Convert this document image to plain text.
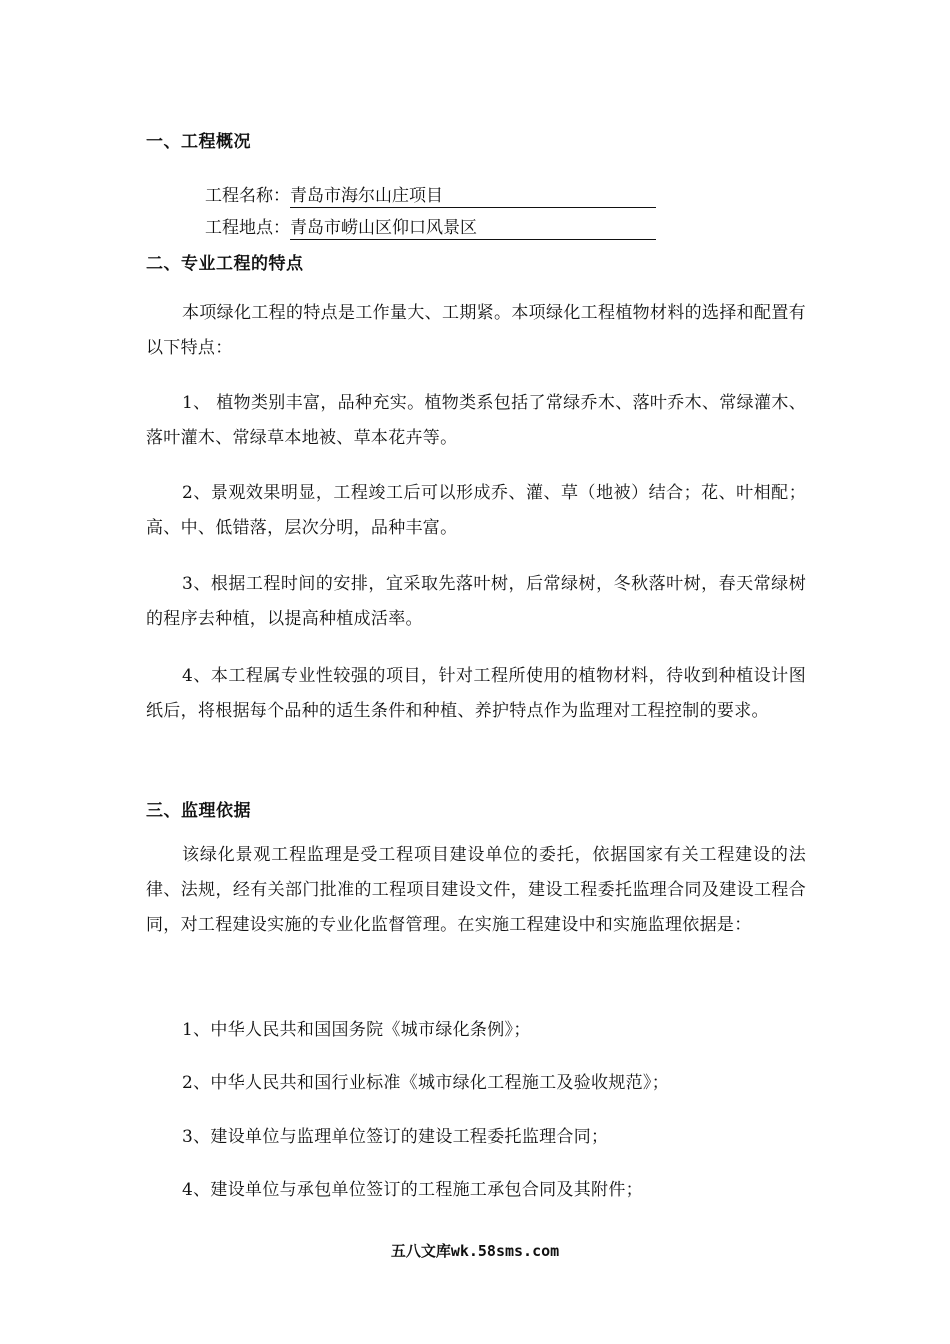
一、工程概况
工程名称：青岛市海尔山庄项目
工程地点：青岛市崂山区仰口风景区
二、专业工程的特点
本项绿化工程的特点是工作量大、工期紧。本项绿化工程植物材料的选择和配置有以下特点：
1、 植物类别丰富，品种充实。植物类系包括了常绿乔木、落叶乔木、常绿灌木、落叶灌木、常绿草本地被、草本花卉等。
2、景观效果明显，工程竣工后可以形成乔、灌、草（地被）结合；花、叶相配；高、中、低错落，层次分明，品种丰富。
3、根据工程时间的安排，宜采取先落叶树，后常绿树，冬秋落叶树，春天常绿树的程序去种植，以提高种植成活率。
4、本工程属专业性较强的项目，针对工程所使用的植物材料，待收到种植设计图纸后，将根据每个品种的适生条件和种植、养护特点作为监理对工程控制的要求。
三、监理依据
该绿化景观工程监理是受工程项目建设单位的委托，依据国家有关工程建设的法律、法规，经有关部门批准的工程项目建设文件，建设工程委托监理合同及建设工程合同，对工程建设实施的专业化监督管理。在实施工程建设中和实施监理依据是：
1、中华人民共和国国务院《城市绿化条例》；
2、中华人民共和国行业标准《城市绿化工程施工及验收规范》；
3、建设单位与监理单位签订的建设工程委托监理合同；
4、建设单位与承包单位签订的工程施工承包合同及其附件；
五八文库wk.58sms.com
